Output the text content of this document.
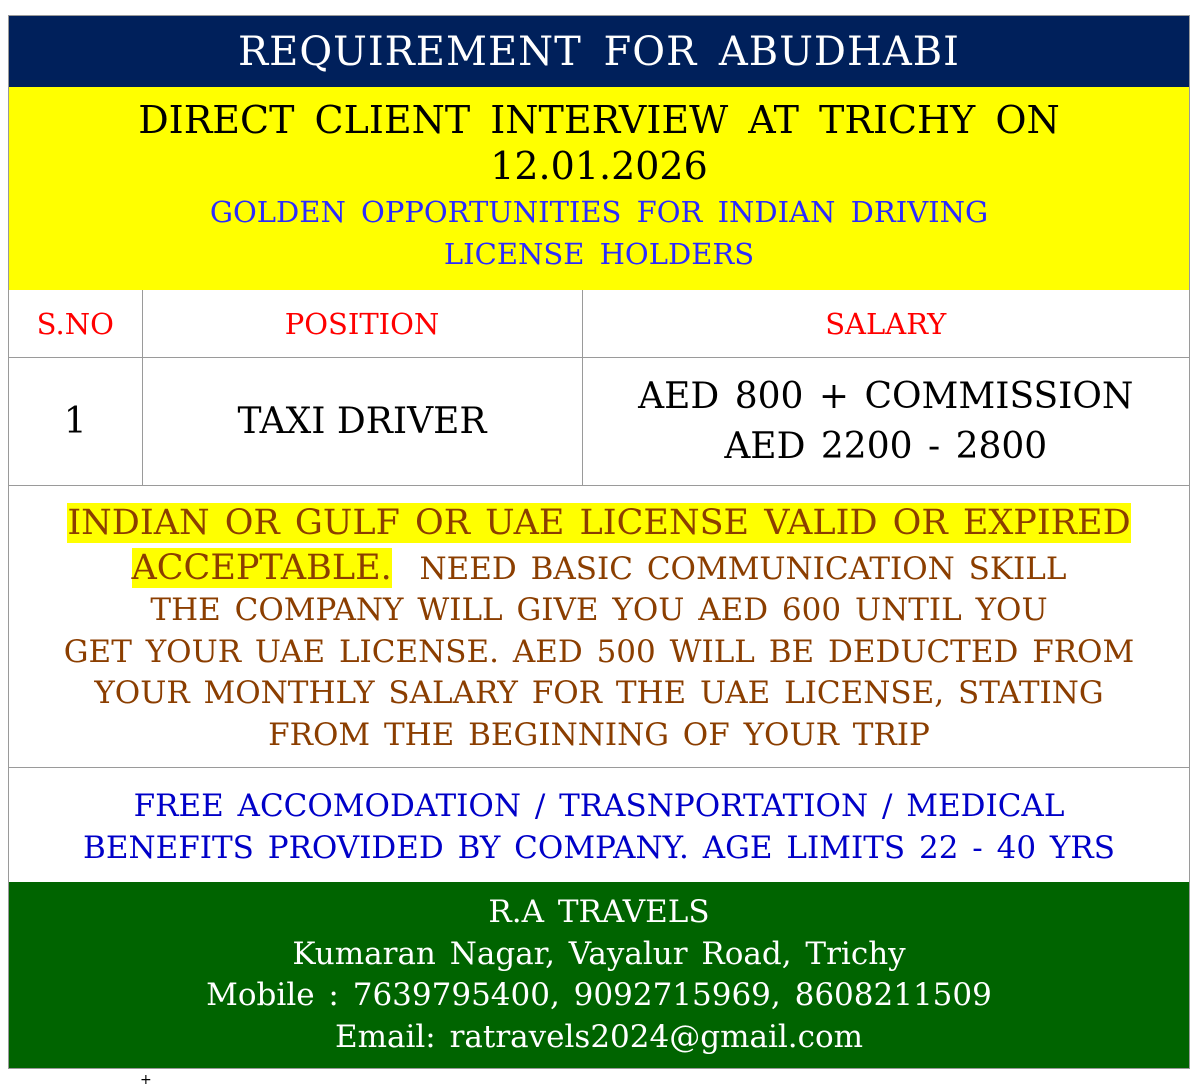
REQUIREMENT FOR ABUDHABI
DIRECT CLIENT INTERVIEW AT TRICHY ON
12.01.2026
GOLDEN OPPORTUNITIES FOR INDIAN DRIVING
LICENSE HOLDERS
S.NO	POSITION	SALARY
1	TAXI DRIVER	AED 800 + COMMISSION
AED 2200 - 2800
INDIAN OR GULF OR UAE LICENSE VALID OR EXPIRED
ACCEPTABLE. NEED BASIC COMMUNICATION SKILL
THE COMPANY WILL GIVE YOU AED 600 UNTIL YOU
GET YOUR UAE LICENSE. AED 500 WILL BE DEDUCTED FROM
YOUR MONTHLY SALARY FOR THE UAE LICENSE, STATING
FROM THE BEGINNING OF YOUR TRIP
FREE ACCOMODATION / TRASNPORTATION / MEDICAL
BENEFITS PROVIDED BY COMPANY. AGE LIMITS 22 - 40 YRS
R.A TRAVELS
Kumaran Nagar, Vayalur Road, Trichy
Mobile : 7639795400, 9092715969, 8608211509
Email: ratravels2024@gmail.com
+
